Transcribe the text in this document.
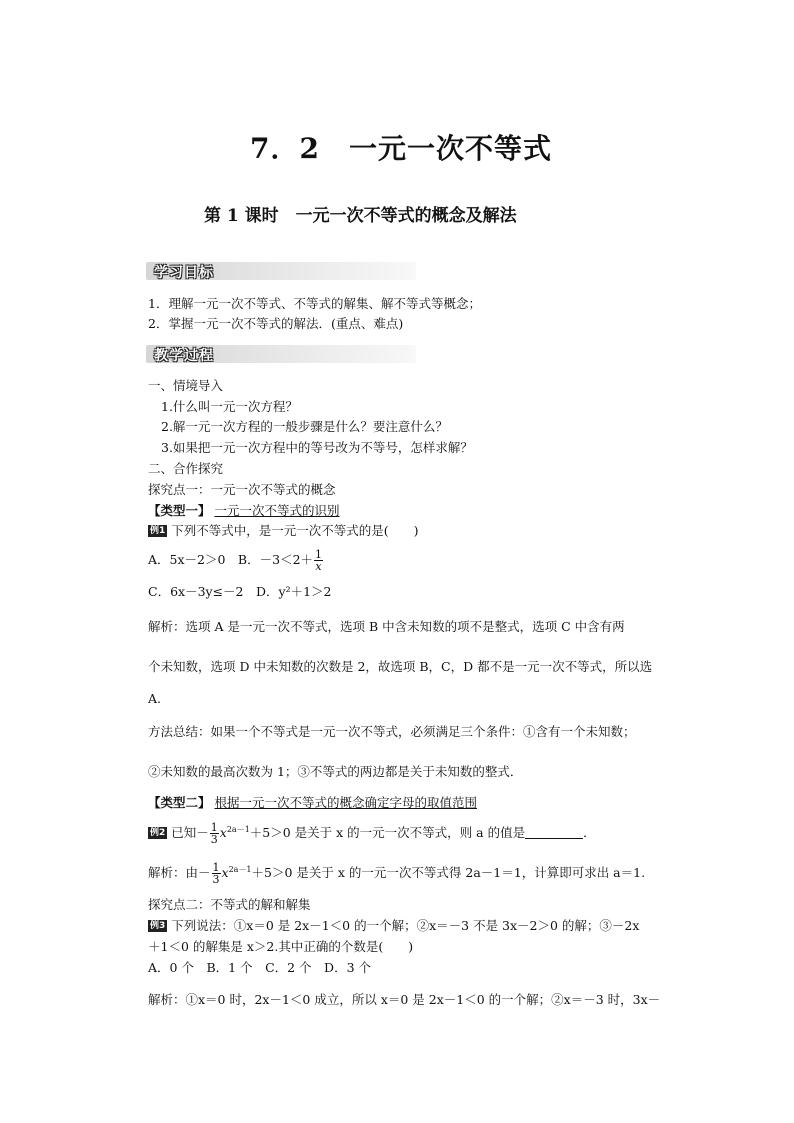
7．2　一元一次不等式
第 1 课时　一元一次不等式的概念及解法
学习目标
1．理解一元一次不等式、不等式的解集、解不等式等概念；
2．掌握一元一次不等式的解法．(重点、难点)
教学过程
一、情境导入
1.什么叫一元一次方程？
2.解一元一次方程的一般步骤是什么？要注意什么？
3.如果把一元一次方程中的等号改为不等号，怎样求解？
二、合作探究
探究点一：一元一次不等式的概念
【类型一】 一元一次不等式的识别
例1 下列不等式中，是一元一次不等式的是(　　)
A．5x－2＞0　B．$-3<2+ \frac{1}{x}$
C．6x－3y≤－2　D．y²＋1＞2
解析：选项 A 是一元一次不等式，选项 B 中含未知数的项不是整式，选项 C 中含有两
个未知数，选项 D 中未知数的次数是 2，故选项 B，C，D 都不是一元一次不等式，所以选
A.
方法总结：如果一个不等式是一元一次不等式，必须满足三个条件：①含有一个未知数；
②未知数的最高次数为 1；③不等式的两边都是关于未知数的整式．
【类型二】 根据一元一次不等式的概念确定字母的取值范围
例2 已知－ $\frac{1}{3} x^{2a-1}+5>0$ 是关于 x 的一元一次不等式，则 a 的值是	．
解析：由－ $\frac{1}{3} x^{2a-1}+5>0$ 是关于 x 的一元一次不等式得 2a－1＝1，计算即可求出 a＝1.
探究点二：不等式的解和解集
例3 下列说法：①x＝0 是 2x－1＜0 的一个解；②x＝－3 不是 3x－2＞0 的解；③－2x
＋1＜0 的解集是 x＞2.其中正确的个数是(　　)
A．0 个　B．1 个　C．2 个　D．3 个
解析：①x＝0 时，2x－1＜0 成立，所以 x＝0 是 2x－1＜0 的一个解；②x＝－3 时，3x－
